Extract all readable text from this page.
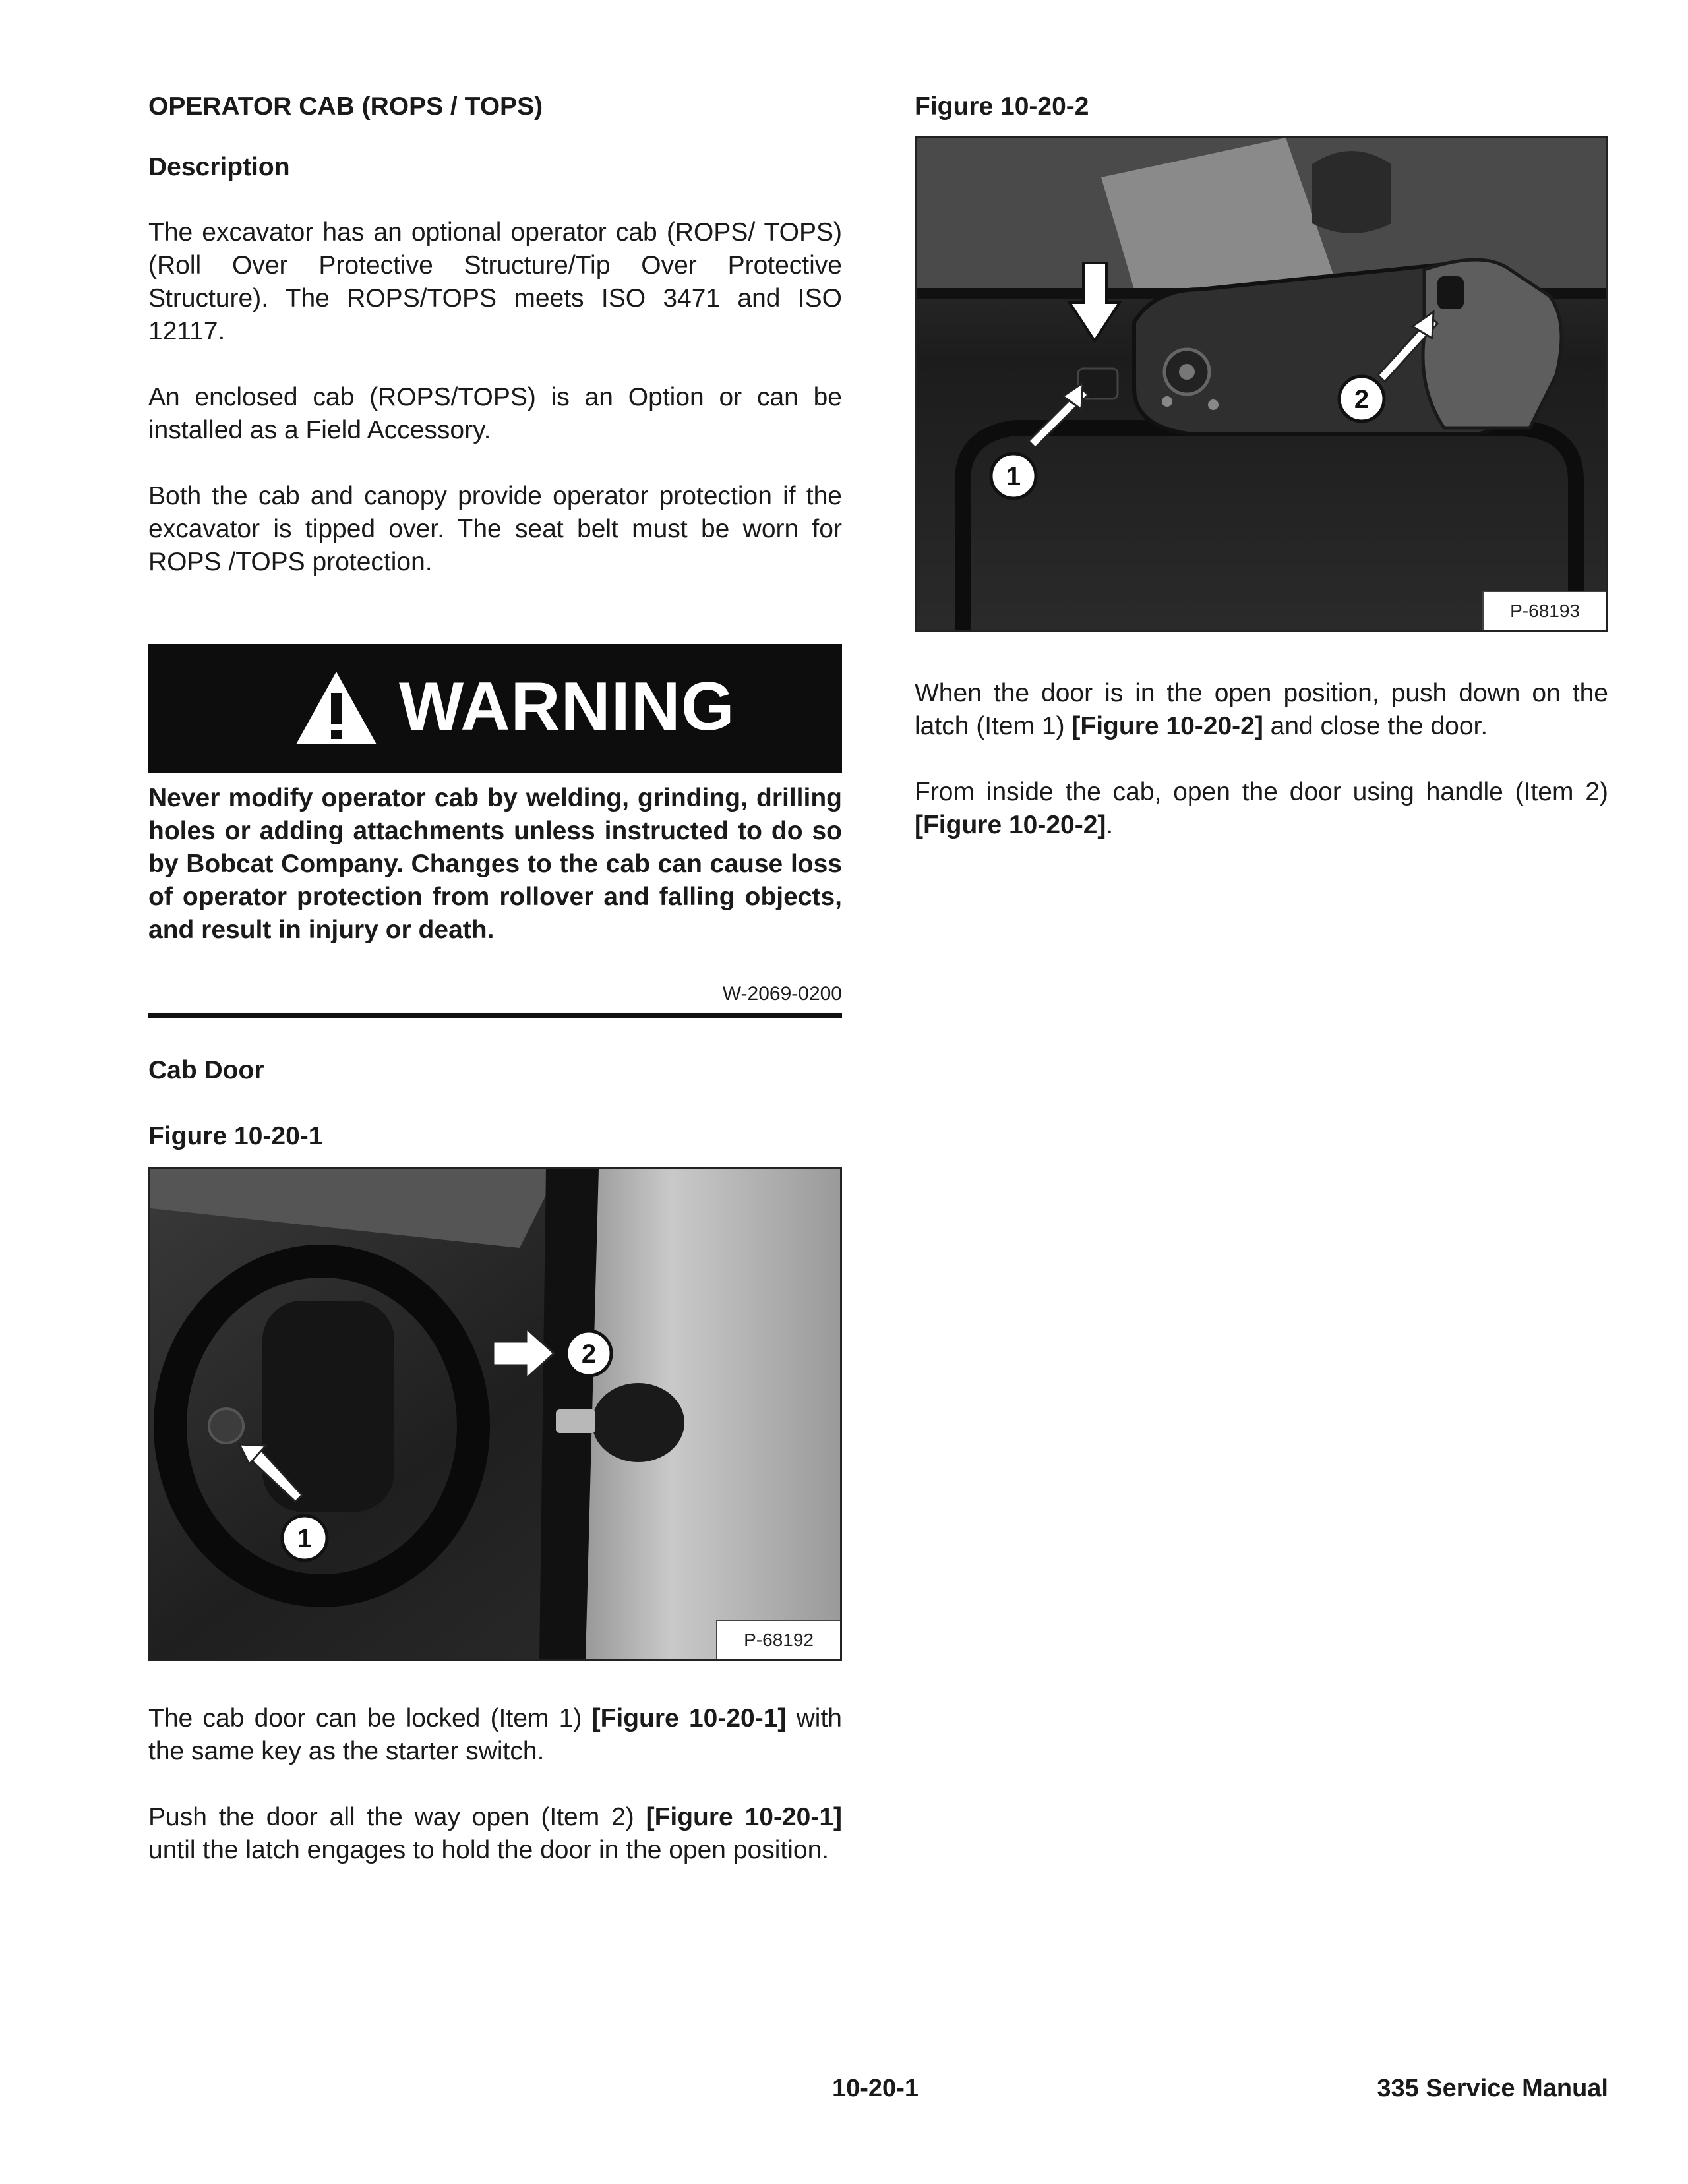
OPERATOR CAB (ROPS / TOPS)
Description

The excavator has an optional operator cab (ROPS/ TOPS) (Roll Over Protective Structure/Tip Over Protective Structure). The ROPS/TOPS meets ISO 3471 and ISO 12117.

An enclosed cab (ROPS/TOPS) is an Option or can be installed as a Field Accessory.

Both the cab and canopy provide operator protection if the excavator is tipped over. The seat belt must be worn for ROPS /TOPS protection.

WARNING

Never modify operator cab by welding, grinding, drilling holes or adding attachments unless instructed to do so by Bobcat Company. Changes to the cab can cause loss of operator protection from rollover and falling objects, and result in injury or death.

W-2069-0200
Cab Door
Figure 10-20-1
2
1
P-68192

The cab door can be locked (Item 1) [Figure 10-20-1] with the same key as the starter switch.

Push the door all the way open (Item 2) [Figure 10-20-1] until the latch engages to hold the door in the open position.

Figure 10-20-2
2
1
P-68193

When the door is in the open position, push down on the latch (Item 1) [Figure 10-20-2] and close the door.

From inside the cab, open the door using handle (Item 2) [Figure 10-20-2].

10-20-1	335 Service Manual
